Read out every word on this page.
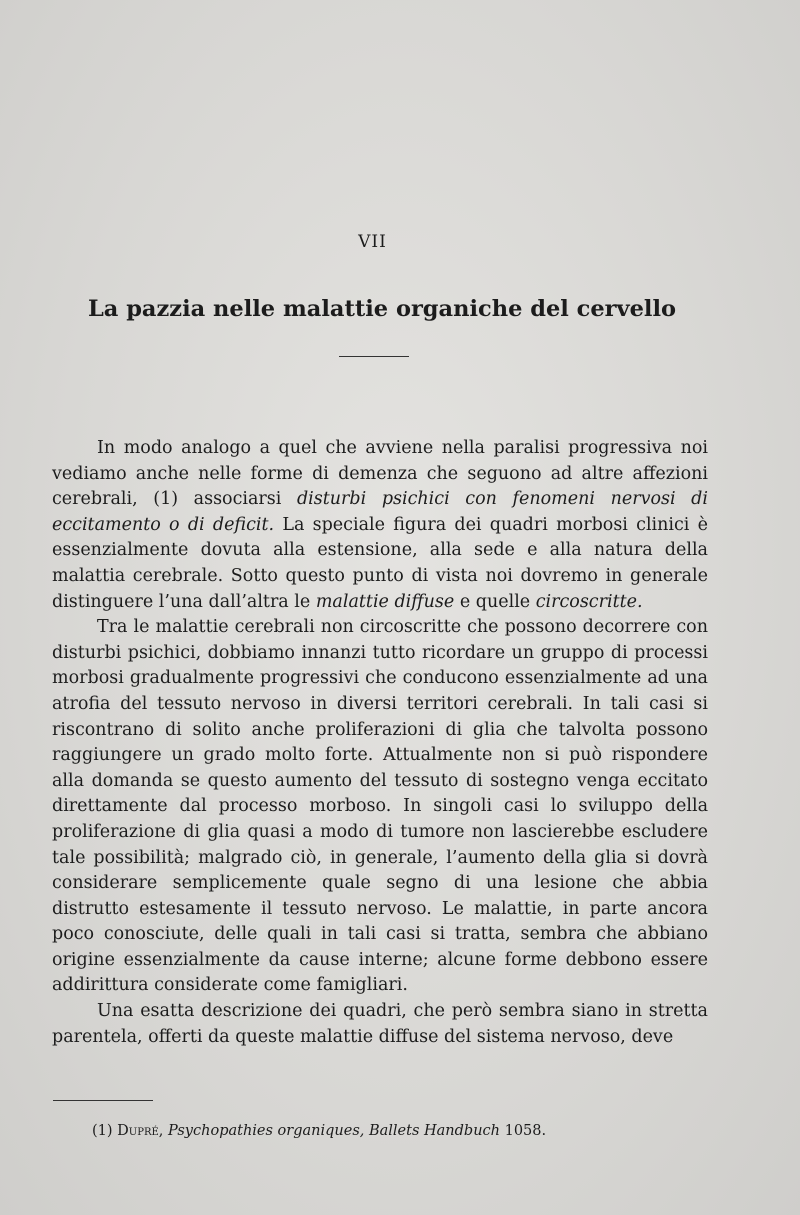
VII
La pazzia nelle malattie organiche del cervello

In modo analogo a quel che avviene nella paralisi progressiva noi vediamo anche nelle forme di demenza che seguono ad altre affezioni cerebrali, (1) associarsi disturbi psichici con fenomeni nervosi di eccitamento o di deficit. La speciale figura dei quadri morbosi clinici è essenzialmente dovuta alla estensione, alla sede e alla natura della malattia cerebrale. Sotto questo punto di vista noi dovremo in generale distinguere l’una dall’altra le malattie diffuse e quelle circoscritte.

Tra le malattie cerebrali non circoscritte che possono decorrere con disturbi psichici, dobbiamo innanzi tutto ricordare un gruppo di processi morbosi gradualmente progressivi che conducono essenzialmente ad una atrofia del tessuto nervoso in diversi territori cerebrali. In tali casi si riscontrano di solito anche proliferazioni di glia che talvolta possono raggiungere un grado molto forte. Attualmente non si può rispondere alla domanda se questo aumento del tessuto di sostegno venga eccitato direttamente dal processo morboso. In singoli casi lo sviluppo della proliferazione di glia quasi a modo di tumore non lascierebbe escludere tale possibilità; malgrado ciò, in generale, l’aumento della glia si dovrà considerare semplicemente quale segno di una lesione che abbia distrutto estesamente il tessuto nervoso. Le malattie, in parte ancora poco conosciute, delle quali in tali casi si tratta, sembra che abbiano origine essenzialmente da cause interne; alcune forme debbono essere addirittura considerate come famigliari.

Una esatta descrizione dei quadri, che però sembra siano in stretta parentela, offerti da queste malattie diffuse del sistema nervoso, deve

(1) Dupré, Psychopathies organiques, Ballets Handbuch 1058.
